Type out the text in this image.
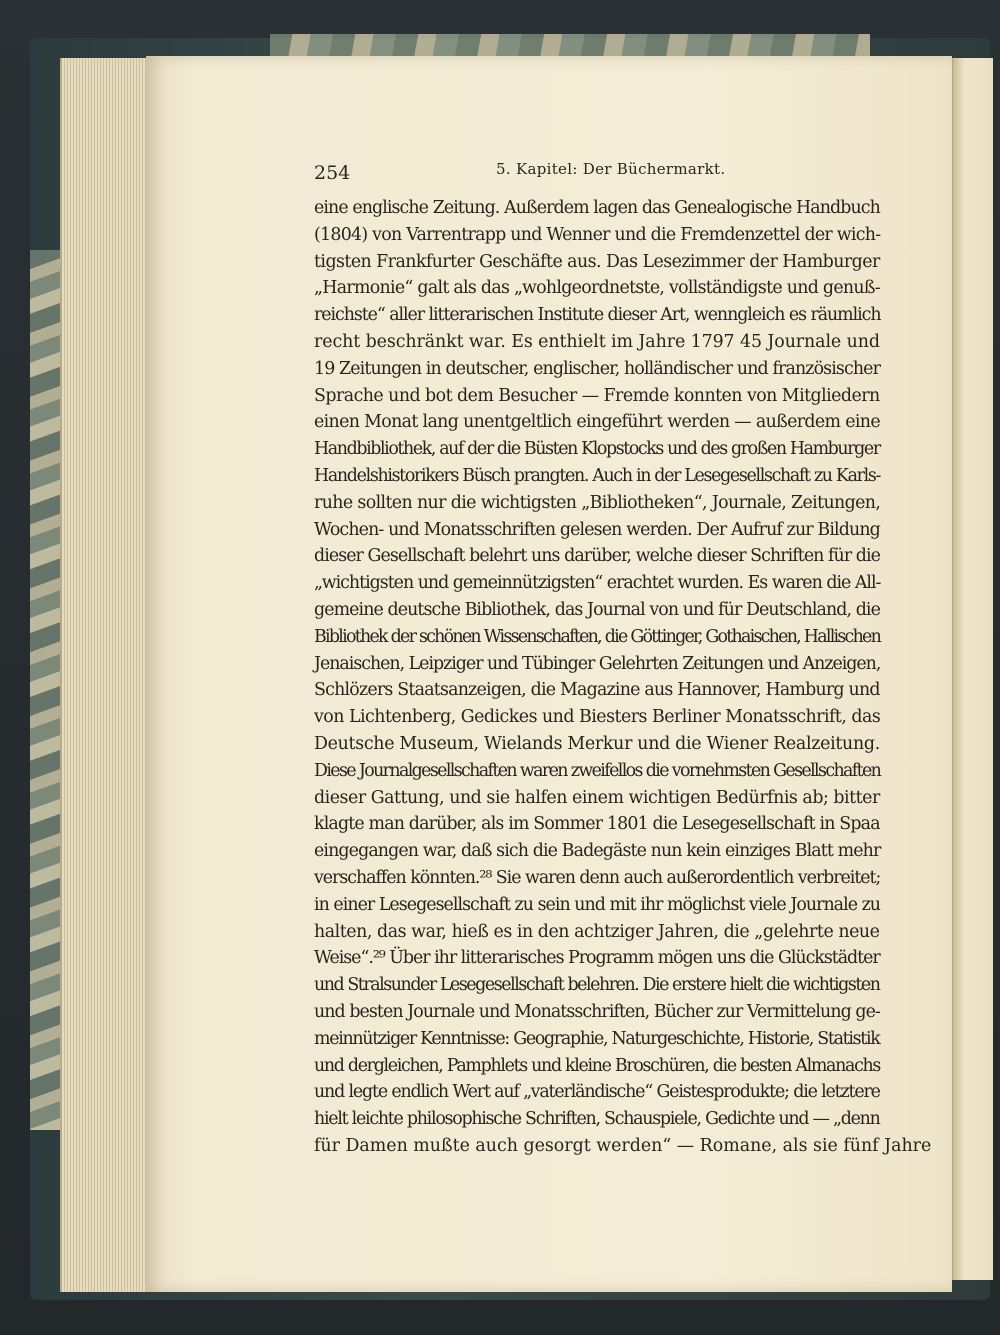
254	5. Kapitel: Der Büchermarkt.
eine englische Zeitung. Außerdem lagen das Genealogische Handbuch
(1804) von Varrentrapp und Wenner und die Fremdenzettel der wich-
tigsten Frankfurter Geschäfte aus. Das Lesezimmer der Hamburger
„Harmonie“ galt als das „wohlgeordnetste, vollständigste und genuß-
reichste“ aller litterarischen Institute dieser Art, wenngleich es räumlich
recht beschränkt war. Es enthielt im Jahre 1797 45 Journale und
19 Zeitungen in deutscher, englischer, holländischer und französischer
Sprache und bot dem Besucher — Fremde konnten von Mitgliedern
einen Monat lang unentgeltlich eingeführt werden — außerdem eine
Handbibliothek, auf der die Büsten Klopstocks und des großen Hamburger
Handelshistorikers Büsch prangten. Auch in der Lesegesellschaft zu Karls-
ruhe sollten nur die wichtigsten „Bibliotheken“, Journale, Zeitungen,
Wochen- und Monatsschriften gelesen werden. Der Aufruf zur Bildung
dieser Gesellschaft belehrt uns darüber, welche dieser Schriften für die
„wichtigsten und gemeinnützigsten“ erachtet wurden. Es waren die All-
gemeine deutsche Bibliothek, das Journal von und für Deutschland, die
Bibliothek der schönen Wissenschaften, die Göttinger, Gothaischen, Hallischen
Jenaischen, Leipziger und Tübinger Gelehrten Zeitungen und Anzeigen,
Schlözers Staatsanzeigen, die Magazine aus Hannover, Hamburg und
von Lichtenberg, Gedickes und Biesters Berliner Monatsschrift, das
Deutsche Museum, Wielands Merkur und die Wiener Realzeitung.
Diese Journalgesellschaften waren zweifellos die vornehmsten Gesellschaften
dieser Gattung, und sie halfen einem wichtigen Bedürfnis ab; bitter
klagte man darüber, als im Sommer 1801 die Lesegesellschaft in Spaa
eingegangen war, daß sich die Badegäste nun kein einziges Blatt mehr
verschaffen könnten.²⁸ Sie waren denn auch außerordentlich verbreitet;
in einer Lesegesellschaft zu sein und mit ihr möglichst viele Journale zu
halten, das war, hieß es in den achtziger Jahren, die „gelehrte neue
Weise“.²⁹ Über ihr litterarisches Programm mögen uns die Glückstädter
und Stralsunder Lesegesellschaft belehren. Die erstere hielt die wichtigsten
und besten Journale und Monatsschriften, Bücher zur Vermittelung ge-
meinnütziger Kenntnisse: Geographie, Naturgeschichte, Historie, Statistik
und dergleichen, Pamphlets und kleine Broschüren, die besten Almanachs
und legte endlich Wert auf „vaterländische“ Geistesprodukte; die letztere
hielt leichte philosophische Schriften, Schauspiele, Gedichte und — „denn
für Damen mußte auch gesorgt werden“ — Romane, als sie fünf Jahre
